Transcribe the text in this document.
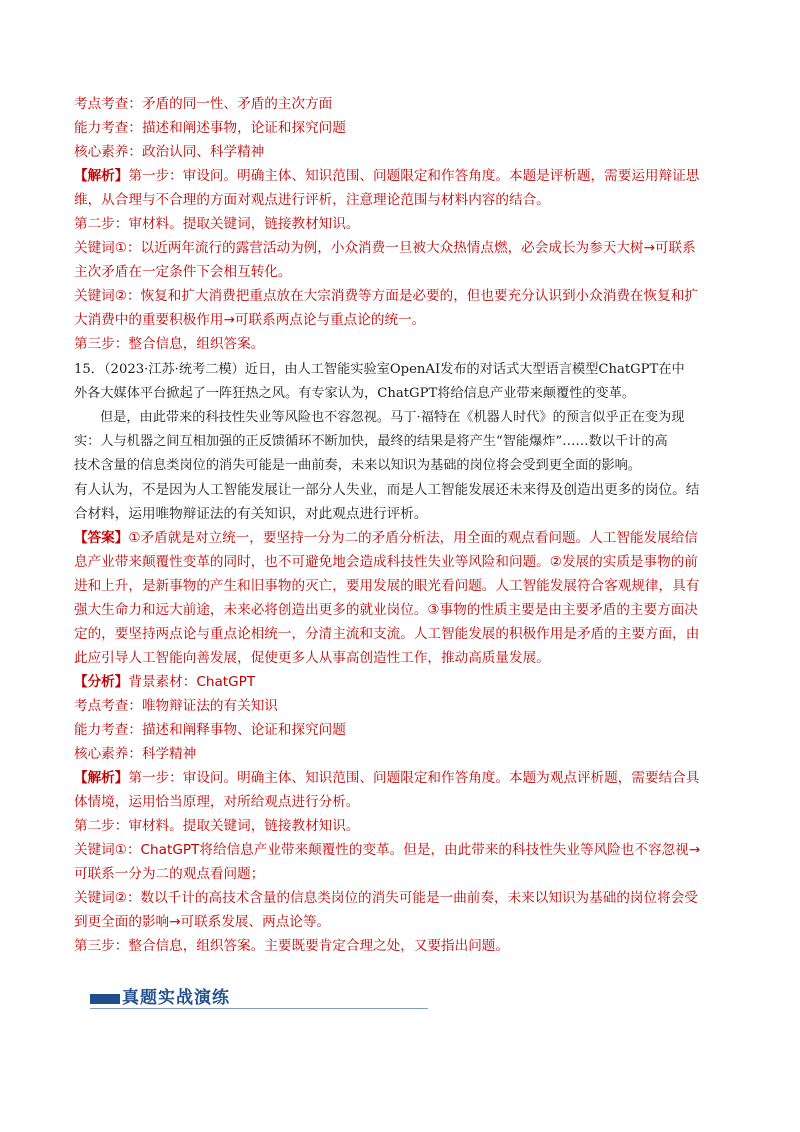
考点考查：矛盾的同一性、矛盾的主次方面

能力考查：描述和阐述事物，论证和探究问题

核心素养：政治认同、科学精神

【解析】第一步：审设问。明确主体、知识范围、问题限定和作答角度。本题是评析题，需要运用辩证思

维，从合理与不合理的方面对观点进行评析，注意理论范围与材料内容的结合。

第二步：审材料。提取关键词，链接教材知识。

关键词①：以近两年流行的露营活动为例，小众消费一旦被大众热情点燃，必会成长为参天大树→可联系

主次矛盾在一定条件下会相互转化。

关键词②：恢复和扩大消费把重点放在大宗消费等方面是必要的，但也要充分认识到小众消费在恢复和扩

大消费中的重要积极作用→可联系两点论与重点论的统一。

第三步：整合信息，组织答案。

15．（2023·江苏·统考二模）近日，由人工智能实验室OpenAI发布的对话式大型语言模型ChatGPT在中

外各大媒体平台掀起了一阵狂热之风。有专家认为，ChatGPT将给信息产业带来颠覆性的变革。

但是，由此带来的科技性失业等风险也不容忽视。马丁·福特在《机器人时代》的预言似乎正在变为现

实：人与机器之间互相加强的正反馈循环不断加快，最终的结果是将产生“智能爆炸”……数以千计的高

技术含量的信息类岗位的消失可能是一曲前奏，未来以知识为基础的岗位将会受到更全面的影响。

有人认为，不是因为人工智能发展让一部分人失业，而是人工智能发展还未来得及创造出更多的岗位。结

合材料，运用唯物辩证法的有关知识，对此观点进行评析。

【答案】①矛盾就是对立统一，要坚持一分为二的矛盾分析法，用全面的观点看问题。人工智能发展给信

息产业带来颠覆性变革的同时，也不可避免地会造成科技性失业等风险和问题。②发展的实质是事物的前

进和上升，是新事物的产生和旧事物的灭亡，要用发展的眼光看问题。人工智能发展符合客观规律，具有

强大生命力和远大前途，未来必将创造出更多的就业岗位。③事物的性质主要是由主要矛盾的主要方面决

定的，要坚持两点论与重点论相统一，分清主流和支流。人工智能发展的积极作用是矛盾的主要方面，由

此应引导人工智能向善发展，促使更多人从事高创造性工作，推动高质量发展。

【分析】背景素材：ChatGPT

考点考查：唯物辩证法的有关知识

能力考查：描述和阐释事物、论证和探究问题

核心素养：科学精神

【解析】第一步：审设问。明确主体、知识范围、问题限定和作答角度。本题为观点评析题，需要结合具

体情境，运用恰当原理，对所给观点进行分析。

第二步：审材料。提取关键词，链接教材知识。

关键词①：ChatGPT将给信息产业带来颠覆性的变革。但是，由此带来的科技性失业等风险也不容忽视→

可联系一分为二的观点看问题；

关键词②：数以千计的高技术含量的信息类岗位的消失可能是一曲前奏，未来以知识为基础的岗位将会受

到更全面的影响→可联系发展、两点论等。

第三步：整合信息，组织答案。主要既要肯定合理之处，又要指出问题。

真题实战演练
